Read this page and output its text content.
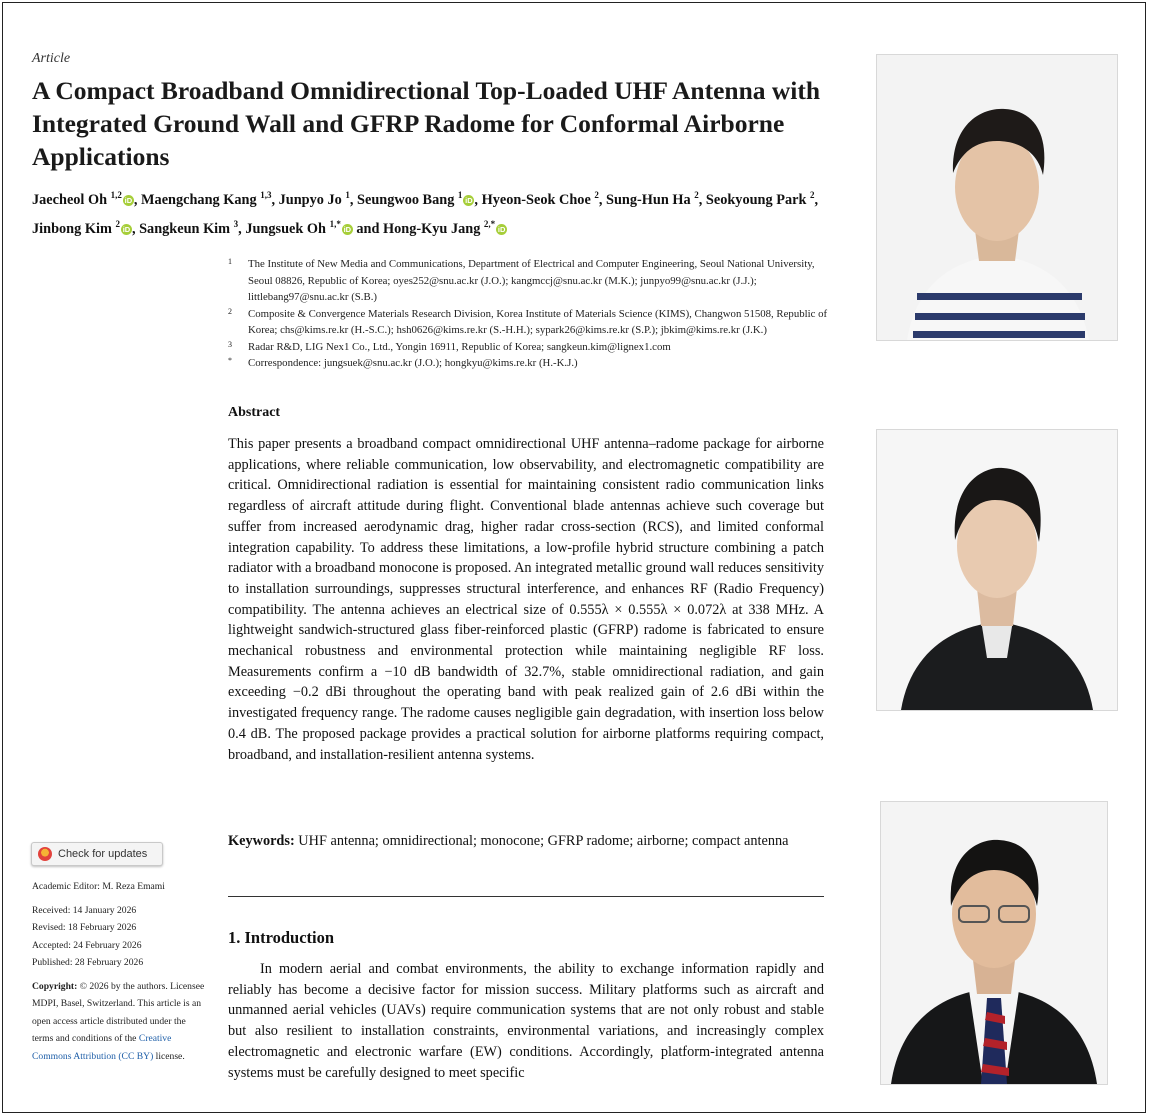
Article
A Compact Broadband Omnidirectional Top-Loaded UHF Antenna with Integrated Ground Wall and GFRP Radome for Conformal Airborne Applications
Jaecheol Oh $^{1,2}$iD , Maengchang Kang $^{1,3}$, Junpyo Jo $^1$, Seungwoo Bang $^1$iD , Hyeon-Seok Choe $^2$, Sung-Hun Ha $^2$, Seokyoung Park $^2$, Jinbong Kim $^2$iD , Sangkeun Kim $^3$, Jungsuek Oh $^{1,*}$iD and Hong-Kyu Jang $^{2,*}$iD
1 The Institute of New Media and Communications, Department of Electrical and Computer Engineering, Seoul National University, Seoul 08826, Republic of Korea; oyes252@snu.ac.kr (J.O.); kangmccj@snu.ac.kr (M.K.); junpyo99@snu.ac.kr (J.J.); littlebang97@snu.ac.kr (S.B.)
2 Composite & Convergence Materials Research Division, Korea Institute of Materials Science (KIMS), Changwon 51508, Republic of Korea; chs@kims.re.kr (H.-S.C.); hsh0626@kims.re.kr (S.-H.H.); sypark26@kims.re.kr (S.P.); jbkim@kims.re.kr (J.K.)
3 Radar R&D, LIG Nex1 Co., Ltd., Yongin 16911, Republic of Korea; sangkeun.kim@lignex1.com
* Correspondence: jungsuek@snu.ac.kr (J.O.); hongkyu@kims.re.kr (H.-K.J.)
Abstract
This paper presents a broadband compact omnidirectional UHF antenna–radome package for airborne applications, where reliable communication, low observability, and electromagnetic compatibility are critical. Omnidirectional radiation is essential for maintaining consistent radio communication links regardless of aircraft attitude during flight. Conventional blade antennas achieve such coverage but suffer from increased aerodynamic drag, higher radar cross-section (RCS), and limited conformal integration capability. To address these limitations, a low-profile hybrid structure combining a patch radiator with a broadband monocone is proposed. An integrated metallic ground wall reduces sensitivity to installation surroundings, suppresses structural interference, and enhances RF (Radio Frequency) compatibility. The antenna achieves an electrical size of 0.555λ × 0.555λ × 0.072λ at 338 MHz. A lightweight sandwich-structured glass fiber-reinforced plastic (GFRP) radome is fabricated to ensure mechanical robustness and environmental protection while maintaining negligible RF loss. Measurements confirm a −10 dB bandwidth of 32.7%, stable omnidirectional radiation, and gain exceeding −0.2 dBi throughout the operating band with peak realized gain of 2.6 dBi within the investigated frequency range. The radome causes negligible gain degradation, with insertion loss below 0.4 dB. The proposed package provides a practical solution for airborne platforms requiring compact, broadband, and installation-resilient antenna systems.
Keywords: UHF antenna; omnidirectional; monocone; GFRP radome; airborne; compact antenna
1. Introduction
In modern aerial and combat environments, the ability to exchange information rapidly and reliably has become a decisive factor for mission success. Military platforms such as aircraft and unmanned aerial vehicles (UAVs) require communication systems that are not only robust and stable but also resilient to installation constraints, environmental variations, and increasingly complex electromagnetic and electronic warfare (EW) conditions. Accordingly, platform-integrated antenna systems must be carefully designed to meet specific
Check for updates
Academic Editor: M. Reza Emami
Received: 14 January 2026
Revised: 18 February 2026
Accepted: 24 February 2026
Published: 28 February 2026
Copyright: © 2026 by the authors. Licensee MDPI, Basel, Switzerland. This article is an open access article distributed under the terms and conditions of the Creative Commons Attribution (CC BY) license.
